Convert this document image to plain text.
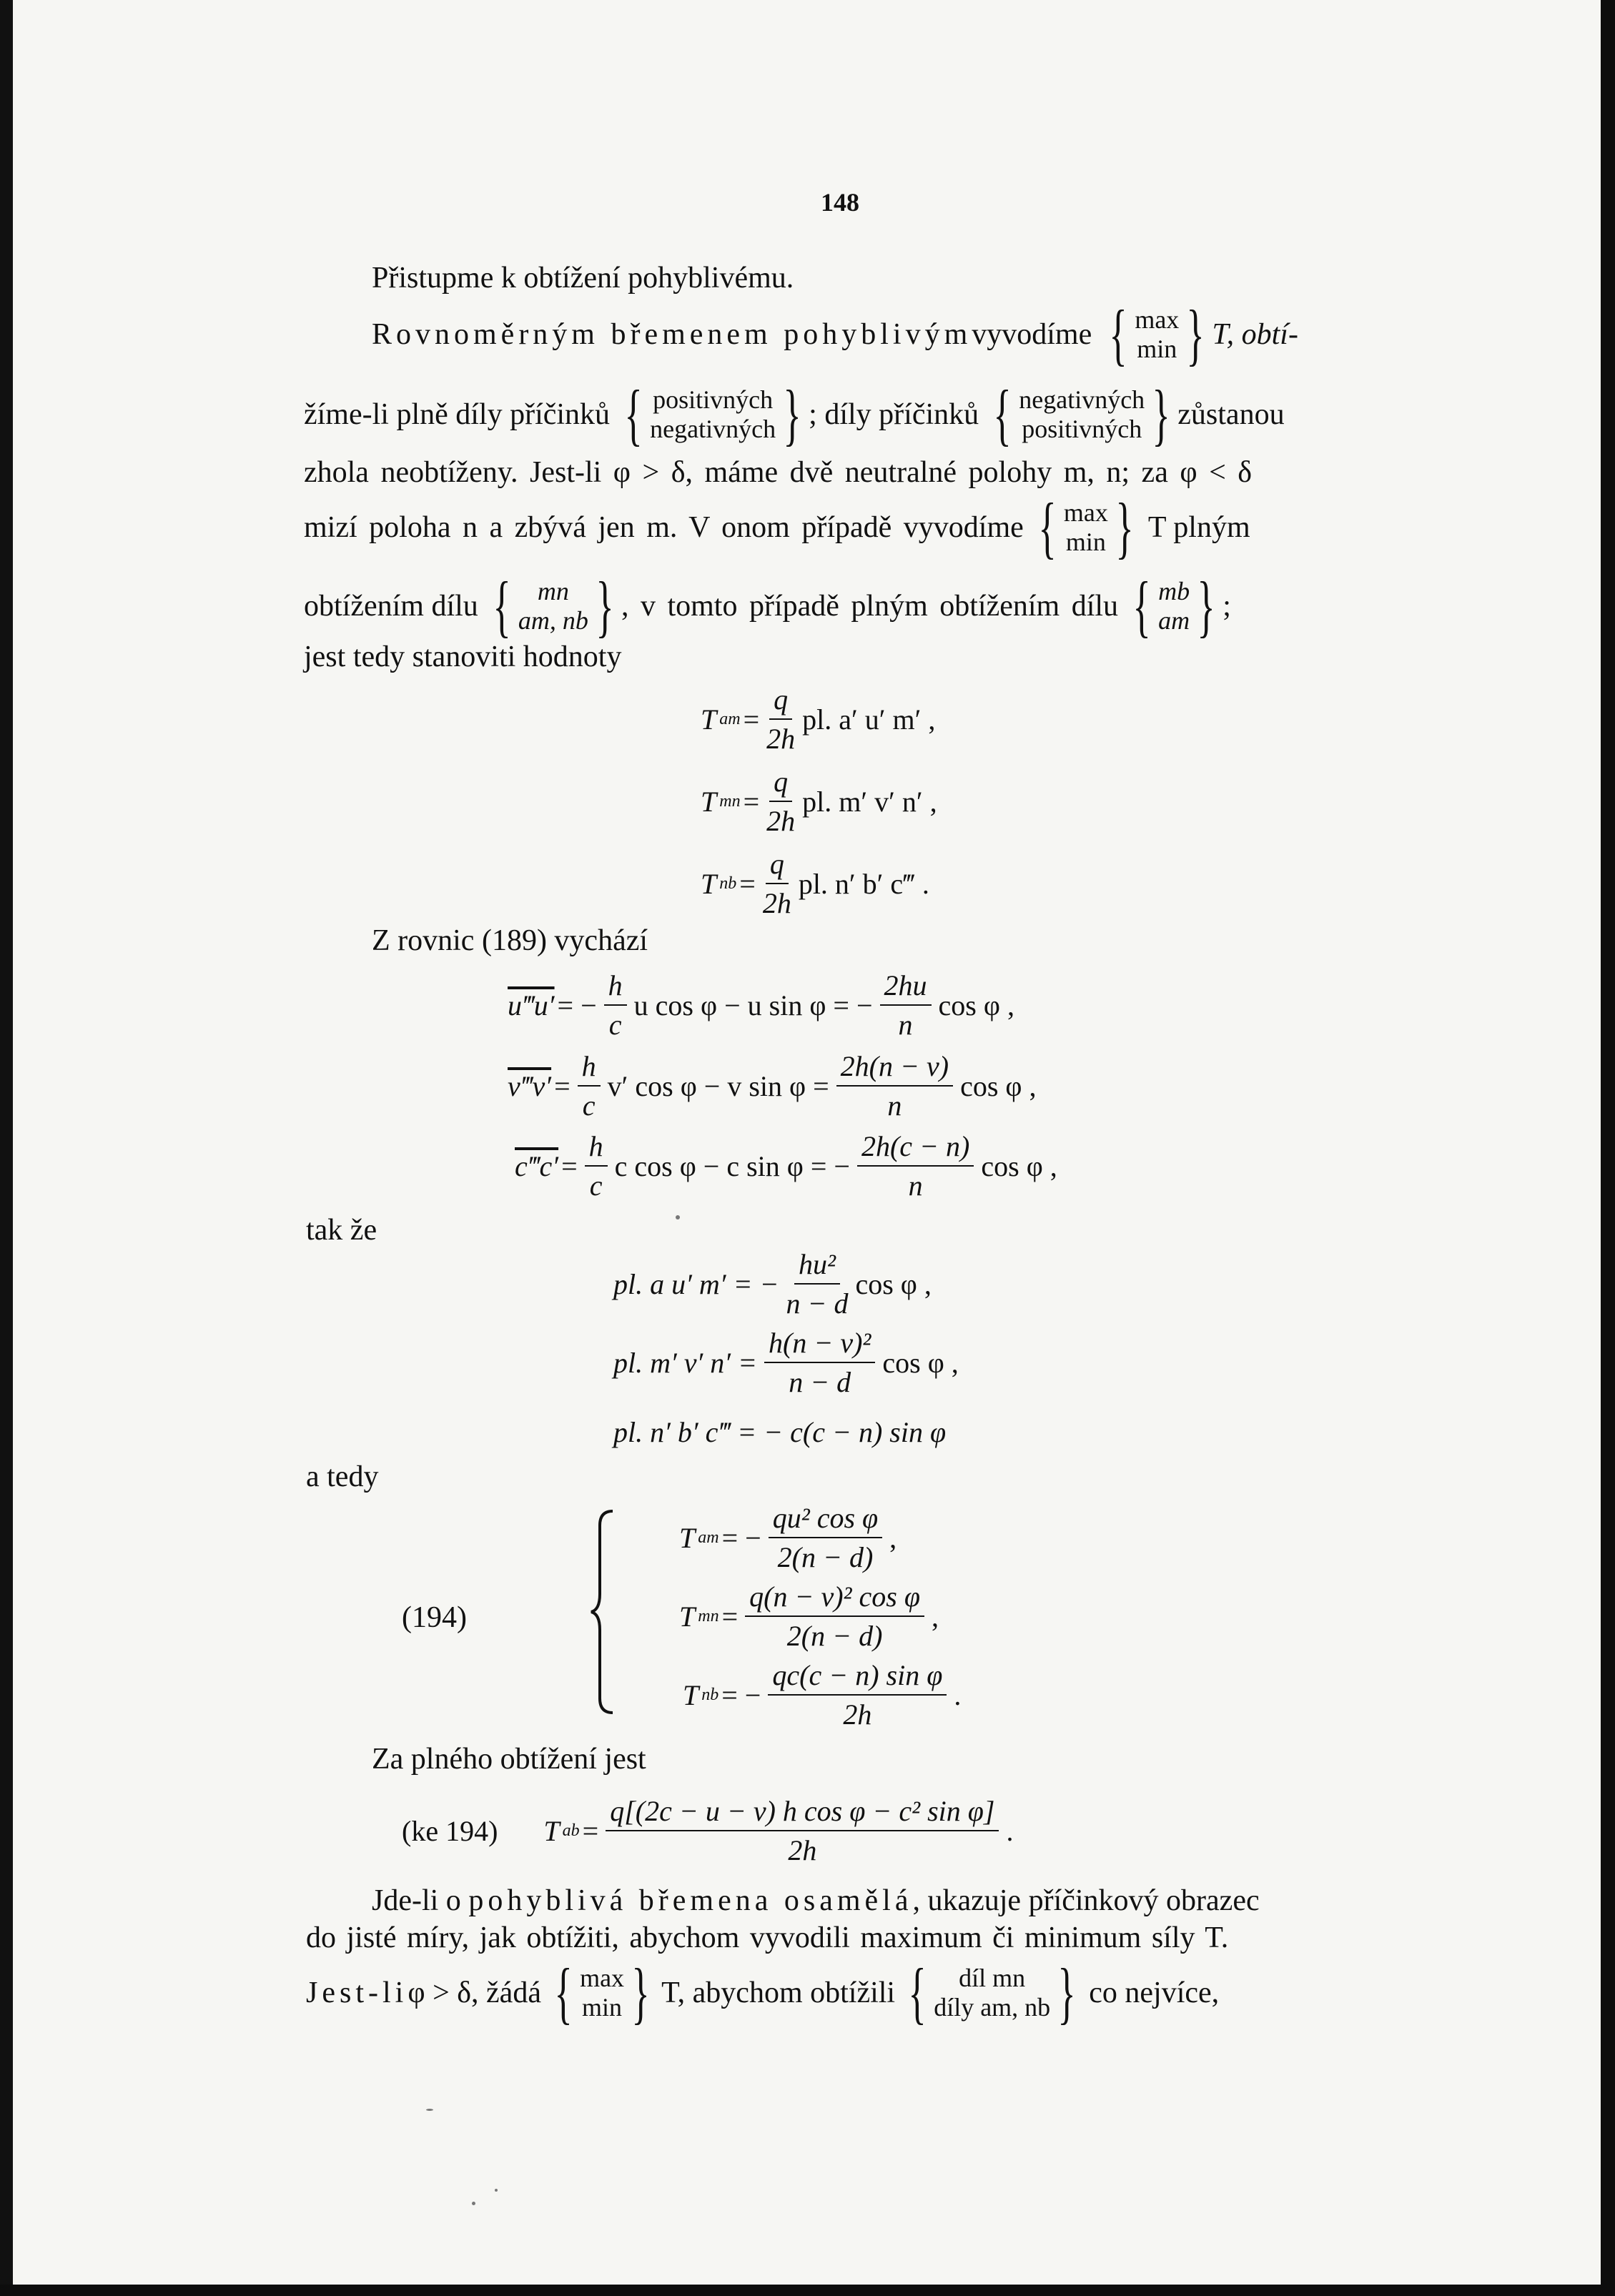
148
Přistupme k obtížení pohyblivému.
Rovnoměrným břemenem pohyblivým vyvodíme { max
min } T, obtí-
žíme-li plně díly příčinků { positivných
negativných } ; díly příčinků { negativných
positivných } zůstanou
zhola neobtíženy. Jest-li φ > δ, máme dvě neutralné polohy m, n; za φ < δ
mizí poloha n a zbývá jen m. V onom případě vyvodíme { max
min } T plným
obtížením dílu { mn
am, nb } , v tomto případě plným obtížením dílu { mb
am } ;
jest tedy stanoviti hodnoty
T am = $\frac{q}{2h}$ pl. a′ u′ m′ ,
T mn = $\frac{q}{2h}$ pl. m′ v′ n′ ,
T nb = $\frac{q}{2h}$ pl. n′ b′ c‴ .
Z rovnic (189) vychází
u‴u′ = − $\frac{h}{c}$ u cos φ − u sin φ = − $\frac{2hu}{n}$ cos φ ,
v‴v′ = $\frac{h}{c} v'$ cos φ − v $\sin \varphi = \frac{2h(n - v)}{n}$ cos φ ,
c‴c′ = $\frac{h}{c}$ c cos φ − c sin φ = − $\frac{2h(c - n)}{n}$ cos φ ,
tak že
pl. a u′ m′ = − $\frac{\text{hu²}}{n - d}$ cos φ ,
pl. m′ v′ $n' = \frac{\text{h(n − v)²}}{n - d}$ cos φ ,
pl. n′ b′ c‴ = − c(c − n) sin φ
a tedy
(194)
T am = − $\frac{\text{qu² cos φ}}{2(n - d)}$ ,
T mn = $\frac{\text{q(n − v)² cos φ}}{2(n - d)}$ ,
T nb = − $\frac{\text{qc(c − n) sin φ}}{2h}$ .
Za plného obtížení jest
(ke 194) T ab = $\frac{\text{q[(2c − u − v) h cos φ − c² sin φ]}}{2h}$ .
Jde-li o pohyblivá břemena osamělá, ukazuje příčinkový obrazec
do jisté míry, jak obtížiti, abychom vyvodili maximum či minimum síly T.
Jest-li φ > δ, žádá { max
min } T, abychom obtížili { díl mn
díly am, nb } co nejvíce,
